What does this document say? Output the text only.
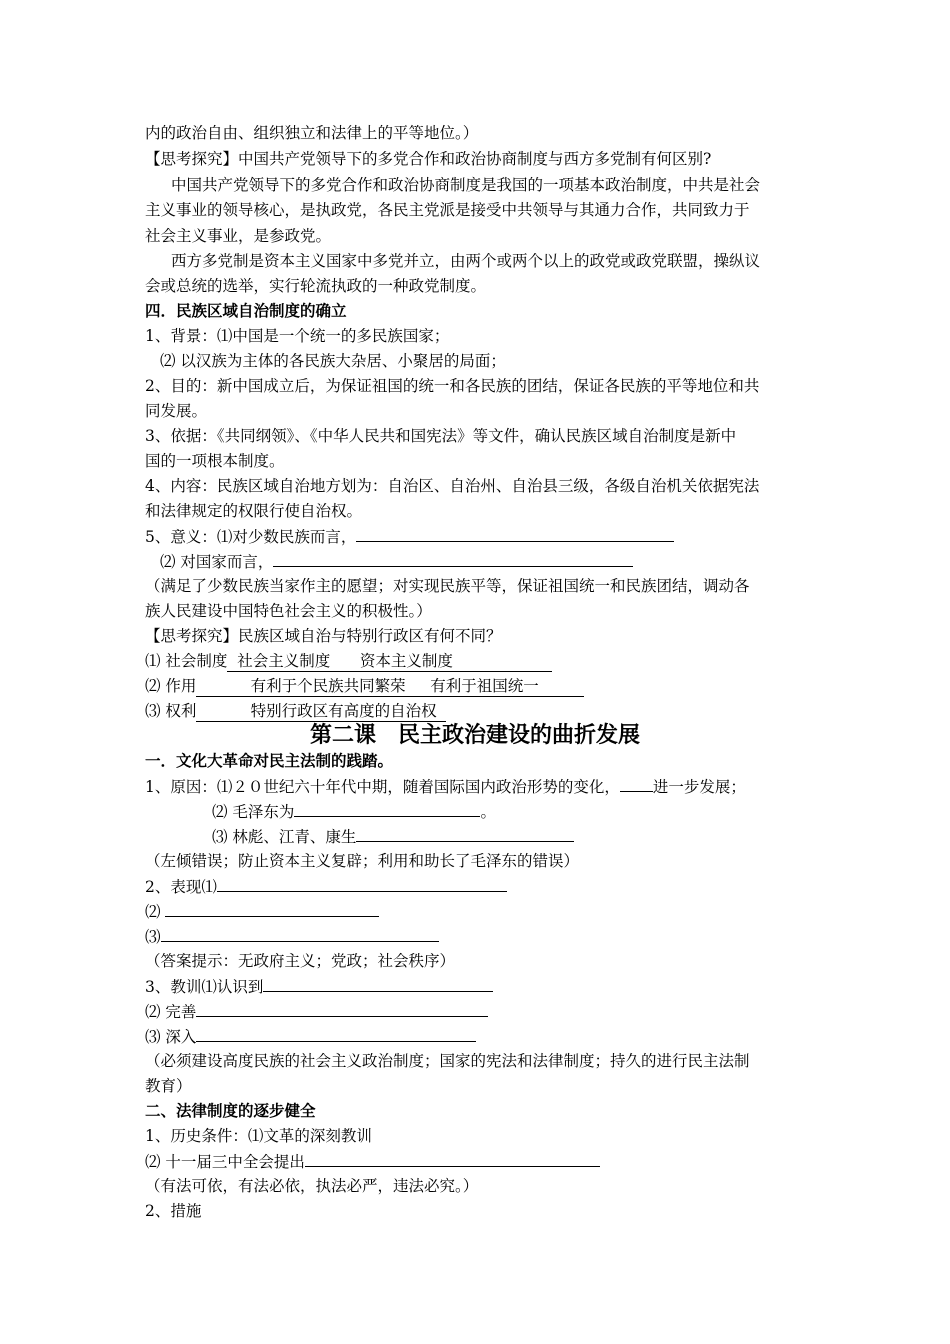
内的政治自由、组织独立和法律上的平等地位。）
【思考探究】中国共产党领导下的多党合作和政治协商制度与西方多党制有何区别?
中国共产党领导下的多党合作和政治协商制度是我国的一项基本政治制度，中共是社会
主义事业的领导核心，是执政党，各民主党派是接受中共领导与其通力合作，共同致力于
社会主义事业，是参政党。
西方多党制是资本主义国家中多党并立，由两个或两个以上的政党或政党联盟，操纵议
会或总统的选举，实行轮流执政的一种政党制度。
四．民族区域自治制度的确立
1、背景：⑴中国是一个统一的多民族国家；
⑵ 以汉族为主体的各民族大杂居、小聚居的局面；
2、目的：新中国成立后，为保证祖国的统一和各民族的团结，保证各民族的平等地位和共
同发展。
3、依据：《共同纲领》、《中华人民共和国宪法》等文件，确认民族区域自治制度是新中
国的一项根本制度。
4、内容：民族区域自治地方划为：自治区、自治州、自治县三级，各级自治机关依据宪法
和法律规定的权限行使自治权。
5、意义：⑴对少数民族而言，
⑵ 对国家而言，
（满足了少数民族当家作主的愿望；对实现民族平等，保证祖国统一和民族团结，调动各
族人民建设中国特色社会主义的积极性。）
【思考探究】民族区域自治与特别行政区有何不同？
⑴ 社会制度 社会主义制度 资本主义制度
⑵ 作用	有利于个民族共同繁荣 有利于祖国统一
⑶ 权利	特别行政区有高度的自治权
第二课　民主政治建设的曲折发展
一．文化大革命对民主法制的践踏。
1、原因：⑴２０世纪六十年代中期，随着国际国内政治形势的变化， 进一步发展；
⑵ 毛泽东为	。
⑶ 林彪、江青、康生
（左倾错误；防止资本主义复辟；利用和助长了毛泽东的错误）
2、表现⑴
⑵
⑶
（答案提示：无政府主义；党政；社会秩序）
3、教训⑴认识到
⑵ 完善
⑶ 深入
（必须建设高度民族的社会主义政治制度；国家的宪法和法律制度；持久的进行民主法制
教育）
二、法律制度的逐步健全
1、历史条件：⑴文革的深刻教训
⑵ 十一届三中全会提出
（有法可依，有法必依，执法必严，违法必究。）
2、措施
